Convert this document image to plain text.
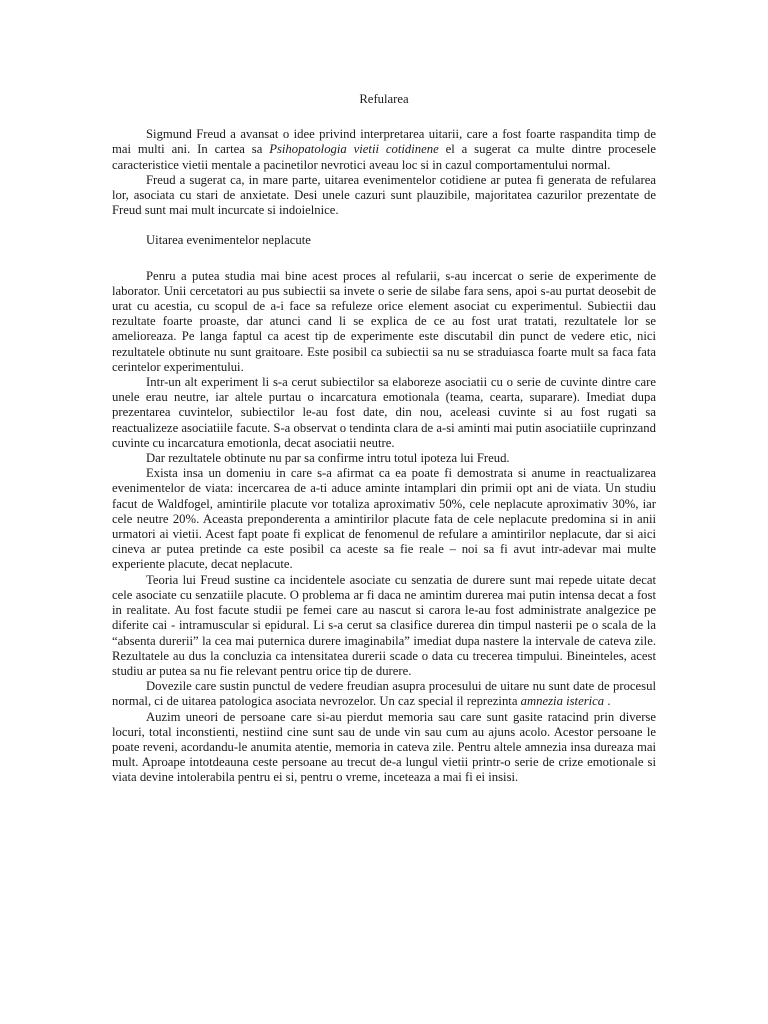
Refularea

Sigmund Freud a avansat o idee privind interpretarea uitarii, care a fost foarte raspandita timp de mai multi ani. In cartea sa Psihopatologia vietii cotidinene el a sugerat ca multe dintre procesele caracteristice vietii mentale a pacinetilor nevrotici aveau loc si in cazul comportamentului normal.

Freud a sugerat ca, in mare parte, uitarea evenimentelor cotidiene ar putea fi generata de refularea lor, asociata cu stari de anxietate. Desi unele cazuri sunt plauzibile, majoritatea cazurilor prezentate de Freud sunt mai mult incurcate si indoielnice.

Uitarea evenimentelor neplacute

Penru a putea studia mai bine acest proces al refularii, s-au incercat o serie de experimente de laborator. Unii cercetatori au pus subiectii sa invete o serie de silabe fara sens, apoi s-au purtat deosebit de urat cu acestia, cu scopul de a-i face sa refuleze orice element asociat cu experimentul. Subiectii dau rezultate foarte proaste, dar atunci cand li se explica de ce au fost urat tratati, rezultatele lor se amelioreaza. Pe langa faptul ca acest tip de experimente este discutabil din punct de vedere etic, nici rezultatele obtinute nu sunt graitoare. Este posibil ca subiectii sa nu se straduiasca foarte mult sa faca fata cerintelor experimentului.

Intr-un alt experiment li s-a cerut subiectilor sa elaboreze asociatii cu o serie de cuvinte dintre care unele erau neutre, iar altele purtau o incarcatura emotionala (teama, cearta, suparare). Imediat dupa prezentarea cuvintelor, subiectilor le-au fost date, din nou, aceleasi cuvinte si au fost rugati sa reactualizeze asociatiile facute. S-a observat o tendinta clara de a-si aminti mai putin asociatiile cuprinzand cuvinte cu incarcatura emotionla, decat asociatii neutre.

Dar rezultatele obtinute nu par sa confirme intru totul ipoteza lui Freud.

Exista insa un domeniu in care s-a afirmat ca ea poate fi demostrata si anume in reactualizarea evenimentelor de viata: incercarea de a-ti aduce aminte intamplari din primii opt ani de viata. Un studiu facut de Waldfogel, amintirile placute vor totaliza aproximativ 50%, cele neplacute aproximativ 30%, iar cele neutre 20%. Aceasta preponderenta a amintirilor placute fata de cele neplacute predomina si in anii urmatori ai vietii. Acest fapt poate fi explicat de fenomenul de refulare a amintirilor neplacute, dar si aici cineva ar putea pretinde ca este posibil ca aceste sa fie reale – noi sa fi avut intr-adevar mai multe experiente placute, decat neplacute.

Teoria lui Freud sustine ca incidentele asociate cu senzatia de durere sunt mai repede uitate decat cele asociate cu senzatiile placute. O problema ar fi daca ne amintim durerea mai putin intensa decat a fost in realitate. Au fost facute studii pe femei care au nascut si carora le-au fost administrate analgezice pe diferite cai - intramuscular si epidural. Li s-a cerut sa clasifice durerea din timpul nasterii pe o scala de la “absenta durerii” la cea mai puternica durere imaginabila” imediat dupa nastere la intervale de cateva zile. Rezultatele au dus la concluzia ca intensitatea durerii scade o data cu trecerea timpului. Bineinteles, acest studiu ar putea sa nu fie relevant pentru orice tip de durere.

Dovezile care sustin punctul de vedere freudian asupra procesului de uitare nu sunt date de procesul normal, ci de uitarea patologica asociata nevrozelor. Un caz special il reprezinta amnezia isterica .

Auzim uneori de persoane care si-au pierdut memoria sau care sunt gasite ratacind prin diverse locuri, total inconstienti, nestiind cine sunt sau de unde vin sau cum au ajuns acolo. Acestor persoane le poate reveni, acordandu-le anumita atentie, memoria in cateva zile. Pentru altele amnezia insa dureaza mai mult. Aproape intotdeauna ceste persoane au trecut de-a lungul vietii printr-o serie de crize emotionale si viata devine intolerabila pentru ei si, pentru o vreme, inceteaza a mai fi ei insisi.
